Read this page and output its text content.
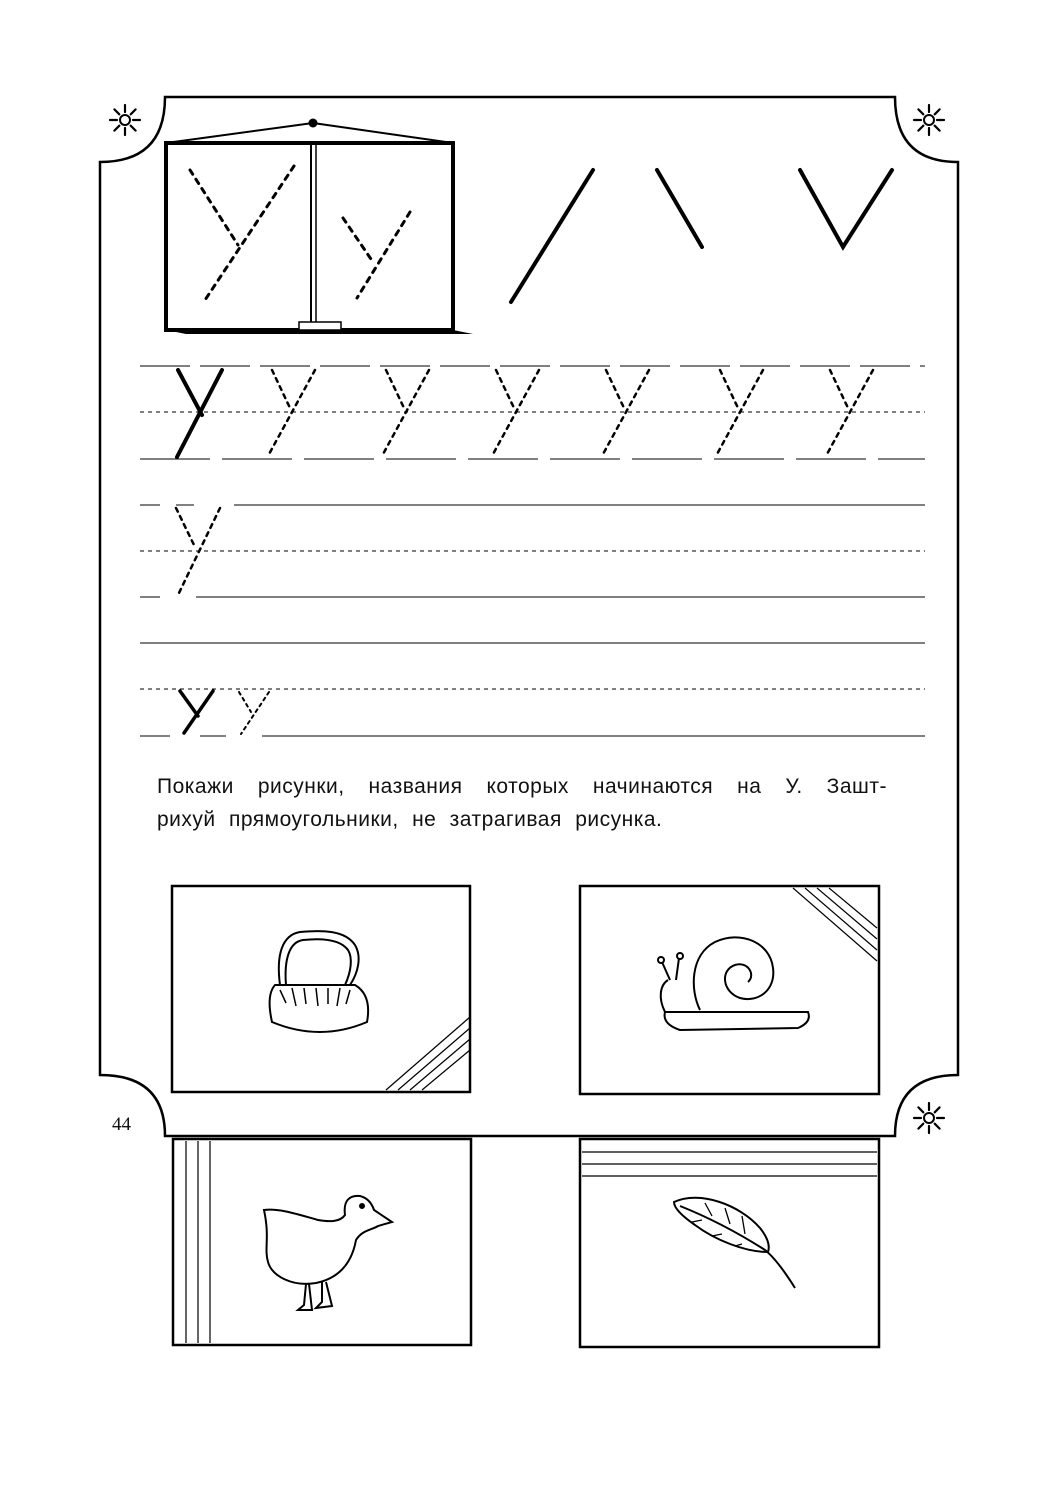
Покажи рисунки, названия которых начинаются на У. Зашт-
рихуй прямоугольники, не затрагивая рисунка.

44
